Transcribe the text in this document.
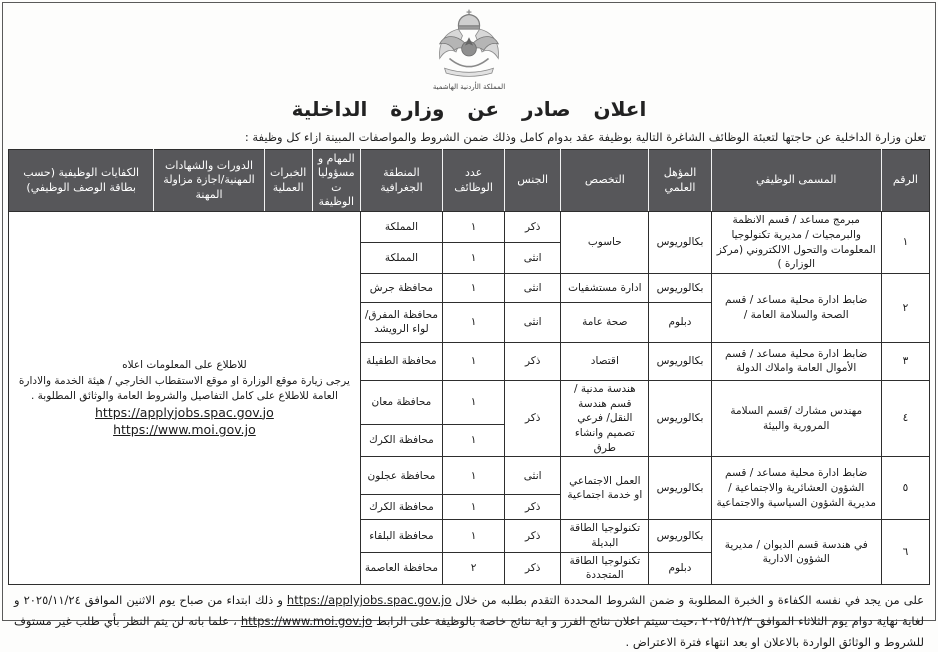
المملكة الأردنية الهاشمية
اعلان صادر عن وزارة الداخلية
تعلن وزارة الداخلية عن حاجتها لتعبئة الوظائف الشاغرة التالية بوظيفة عقد بدوام كامل وذلك ضمن الشروط والمواصفات المبينة ازاء كل وظيفة :
الرقم	المسمى الوظيفي	المؤهل العلمي	التخصص	الجنس	عدد الوظائف	المنطقة الجغرافية	المهام و مسؤوليات الوظيفة	الخبرات العملية	الدورات والشهادات المهنية/اجازة مزاولة المهنة	الكفايات الوظيفية (حسب بطاقة الوصف الوظيفي)
١	مبرمج مساعد / قسم الانظمة والبرمجيات / مديرية تكنولوجيا المعلومات والتحول الالكتروني (مركز الوزارة )	بكالوريوس	حاسوب	ذكر	١	المملكة	للاطلاع على المعلومات اعلاه
يرجى زيارة موقع الوزارة او موقع الاستقطاب الخارجي / هيئة الخدمة والادارة العامة للاطلاع على كامل التفاصيل والشروط العامة والوثائق المطلوبة .
https://applyjobs.spac.gov.jo
https://www.moi.gov.jo			

				انثى	١	المملكة				
٢	ضابط ادارة محلية مساعد / قسم الصحة والسلامة العامة /	بكالوريوس	ادارة مستشفيات	انثى	١	محافظة جرش				
		دبلوم	صحة عامة	انثى	١	محافظة المفرق/ لواء الرويشد				
٣	ضابط ادارة محلية مساعد / قسم الأموال العامة واملاك الدولة	بكالوريوس	اقتصاد	ذكر	١	محافظة الطفيلة				
٤	مهندس مشارك /قسم السلامة المرورية والبيئة	بكالوريوس	هندسة مدنية / قسم هندسة النقل/ فرعي تصميم وانشاء طرق	ذكر	١	محافظة معان				
					١	محافظة الكرك				
٥	ضابط ادارة محلية مساعد / قسم الشؤون العشائرية والاجتماعية /مديرية الشؤون السياسية والاجتماعية	بكالوريوس	العمل الاجتماعي او خدمة اجتماعية	انثى	١	محافظة عجلون				
				ذكر	١	محافظة الكرك				
٦	في هندسة قسم الديوان / مديرية الشؤون الادارية	بكالوريوس	تكنولوجيا الطاقة البديلة	ذكر	١	محافظة البلقاء				
		دبلوم	تكنولوجيا الطاقة المتجددة	ذكر	٢	محافظة العاصمة				

على من يجد في نفسه الكفاءة و الخبرة المطلوبة و ضمن الشروط المحددة التقدم بطلبه من خلال https://applyjobs.spac.gov.jo و ذلك ابتداء من صباح يوم الاثنين الموافق ٢٠٢٥/١١/٢٤ و لغاية نهاية دوام يوم الثلاثاء الموافق ٢٠٢٥/١٢/٢ ،حيث سيتم اعلان نتائج الفرز و اية نتائج خاصة بالوظيفة على الرابط https://www.moi.gov.jo ، علما بانه لن يتم النظر بأي طلب غير مستوف للشروط و الوثائق الواردة بالاعلان او بعد انتهاء فترة الاعتراض .
